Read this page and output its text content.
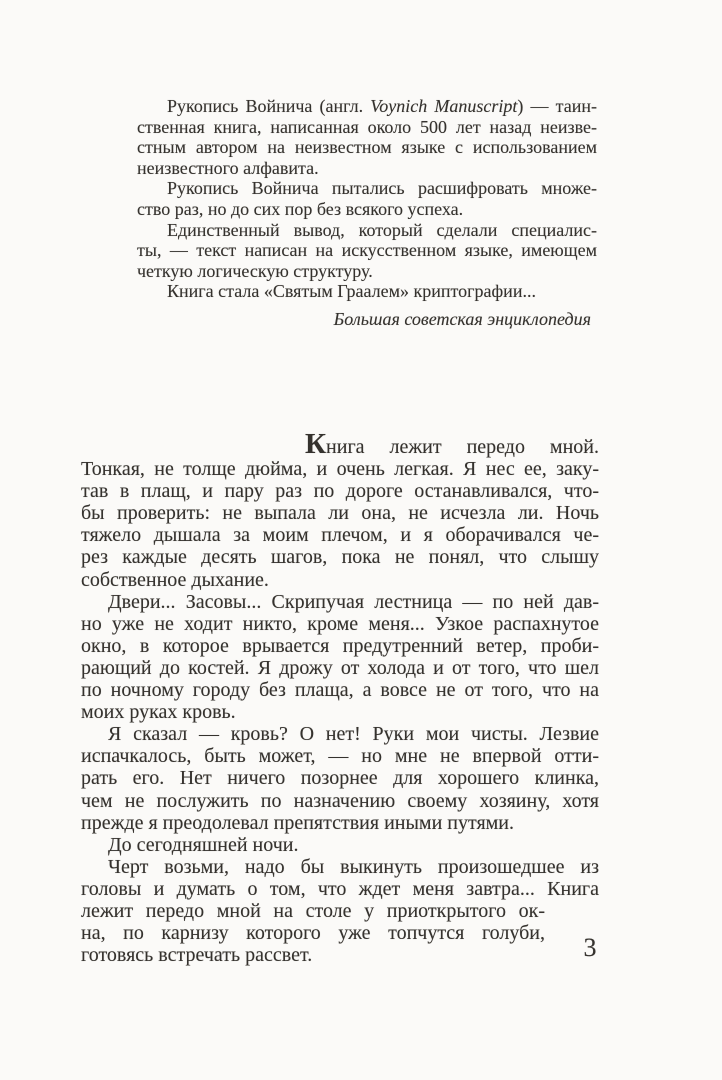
Рукопись Войнича (англ. Voynich Manuscript) — таин-
ственная книга, написанная около 500 лет назад неизве-
стным автором на неизвестном языке с использованием
неизвестного алфавита.
Рукопись Войнича пытались расшифровать множе-
ство раз, но до сих пор без всякого успеха.
Единственный вывод, который сделали специалис-
ты, — текст написан на искусственном языке, имеющем
четкую логическую структуру.
Книга стала «Святым Граалем» криптографии...
Большая советская энциклопедия
Книга лежит передо мной.
Тонкая, не толще дюйма, и очень легкая. Я нес ее, заку-
тав в плащ, и пару раз по дороге останавливался, что-
бы проверить: не выпала ли она, не исчезла ли. Ночь
тяжело дышала за моим плечом, и я оборачивался че-
рез каждые десять шагов, пока не понял, что слышу
собственное дыхание.
Двери... Засовы... Скрипучая лестница — по ней дав-
но уже не ходит никто, кроме меня... Узкое распахнутое
окно, в которое врывается предутренний ветер, проби-
рающий до костей. Я дрожу от холода и от того, что шел
по ночному городу без плаща, а вовсе не от того, что на
моих руках кровь.
Я сказал — кровь? О нет! Руки мои чисты. Лезвие
испачкалось, быть может, — но мне не впервой отти-
рать его. Нет ничего позорнее для хорошего клинка,
чем не послужить по назначению своему хозяину, хотя
прежде я преодолевал препятствия иными путями.
До сегодняшней ночи.
Черт возьми, надо бы выкинуть произошедшее из
головы и думать о том, что ждет меня завтра... Книга
лежит передо мной на столе у приоткрытого ок-
на, по карнизу которого уже топчутся голуби,
готовясь встречать рассвет.	3
